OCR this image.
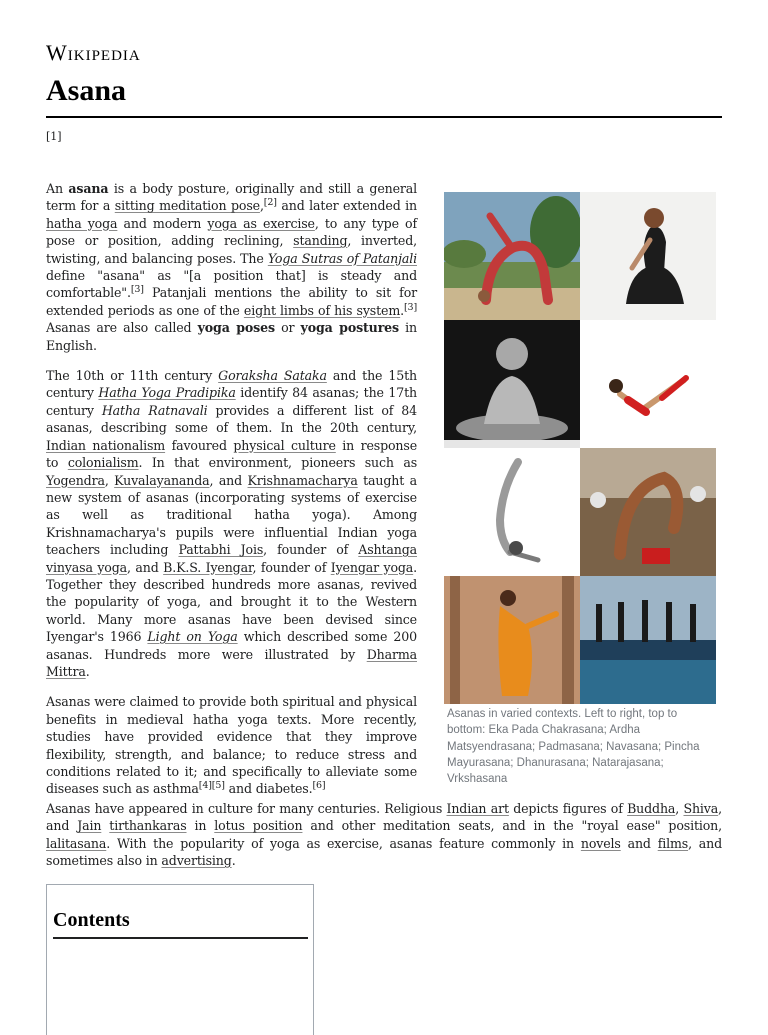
Wikipedia
Asana
[1]

An asana is a body posture, originally and still a general term for a sitting meditation pose,[2] and later extended in hatha yoga and modern yoga as exercise, to any type of pose or position, adding reclining, standing, inverted, twisting, and balancing poses. The Yoga Sutras of Patanjali define "asana" as "[a position that] is steady and comfortable".[3] Patanjali mentions the ability to sit for extended periods as one of the eight limbs of his system.[3] Asanas are also called yoga poses or yoga postures in English.

The 10th or 11th century Goraksha Sataka and the 15th century Hatha Yoga Pradipika identify 84 asanas; the 17th century Hatha Ratnavali provides a different list of 84 asanas, describing some of them. In the 20th century, Indian nationalism favoured physical culture in response to colonialism. In that environment, pioneers such as Yogendra, Kuvalayananda, and Krishnamacharya taught a new system of asanas (incorporating systems of exercise as well as traditional hatha yoga). Among Krishnamacharya's pupils were influential Indian yoga teachers including Pattabhi Jois, founder of Ashtanga vinyasa yoga, and B.K.S. Iyengar, founder of Iyengar yoga. Together they described hundreds more asanas, revived the popularity of yoga, and brought it to the Western world. Many more asanas have been devised since Iyengar's 1966 Light on Yoga which described some 200 asanas. Hundreds more were illustrated by Dharma Mittra.

Asanas were claimed to provide both spiritual and physical benefits in medieval hatha yoga texts. More recently, studies have provided evidence that they improve flexibility, strength, and balance; to reduce stress and conditions related to it; and specifically to alleviate some diseases such as asthma[4][5] and diabetes.[6]

Asanas have appeared in culture for many centuries. Religious Indian art depicts figures of Buddha, Shiva, and Jain tirthankaras in lotus position and other meditation seats, and in the "royal ease" position, lalitasana. With the popularity of yoga as exercise, asanas feature commonly in novels and films, and sometimes also in advertising.

Asanas in varied contexts. Left to right, top to bottom: Eka Pada Chakrasana; Ardha Matsyendrasana; Padmasana; Navasana; Pincha Mayurasana; Dhanurasana; Natarajasana; Vrkshasana
Contents
